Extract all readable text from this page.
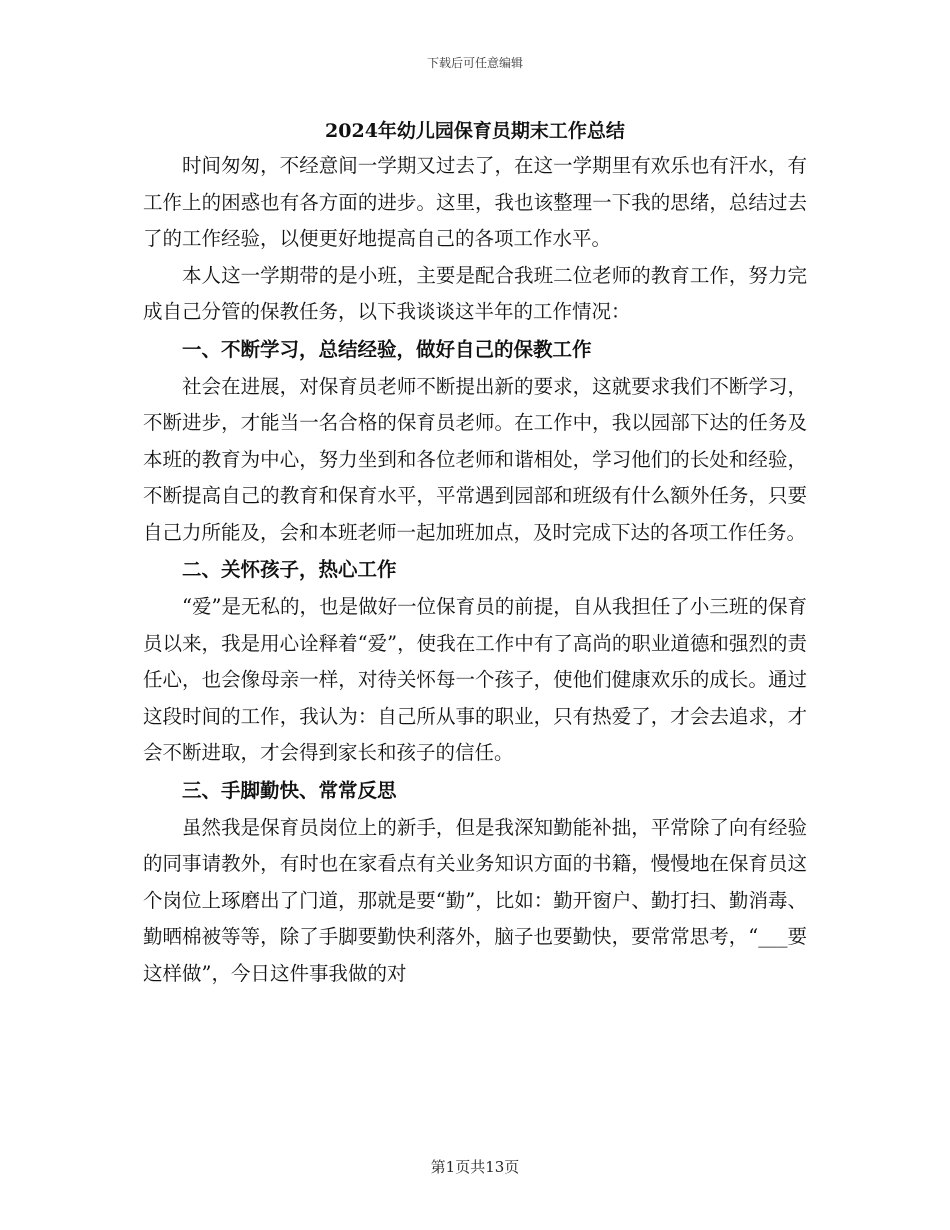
下载后可任意编辑
2024年幼儿园保育员期末工作总结

时间匆匆，不经意间一学期又过去了，在这一学期里有欢乐也有汗水，有工作上的困惑也有各方面的进步。这里，我也该整理一下我的思绪，总结过去了的工作经验，以便更好地提高自己的各项工作水平。

本人这一学期带的是小班，主要是配合我班二位老师的教育工作，努力完成自己分管的保教任务，以下我谈谈这半年的工作情况：

一、不断学习，总结经验，做好自己的保教工作

社会在进展，对保育员老师不断提出新的要求，这就要求我们不断学习，不断进步，才能当一名合格的保育员老师。在工作中，我以园部下达的任务及本班的教育为中心，努力坐到和各位老师和谐相处，学习他们的长处和经验，不断提高自己的教育和保育水平，平常遇到园部和班级有什么额外任务，只要自己力所能及，会和本班老师一起加班加点，及时完成下达的各项工作任务。

二、关怀孩子，热心工作

“爱”是无私的，也是做好一位保育员的前提，自从我担任了小三班的保育员以来，我是用心诠释着“爱”，使我在工作中有了高尚的职业道德和强烈的责任心，也会像母亲一样，对待关怀每一个孩子，使他们健康欢乐的成长。通过这段时间的工作，我认为：自己所从事的职业，只有热爱了，才会去追求，才会不断进取，才会得到家长和孩子的信任。

三、手脚勤快、常常反思

虽然我是保育员岗位上的新手，但是我深知勤能补拙，平常除了向有经验的同事请教外，有时也在家看点有关业务知识方面的书籍，慢慢地在保育员这个岗位上琢磨出了门道，那就是要“勤”，比如：勤开窗户、勤打扫、勤消毒、勤晒棉被等等，除了手脚要勤快利落外，脑子也要勤快，要常常思考，“___要这样做”，今日这件事我做的对

第1页共13页
